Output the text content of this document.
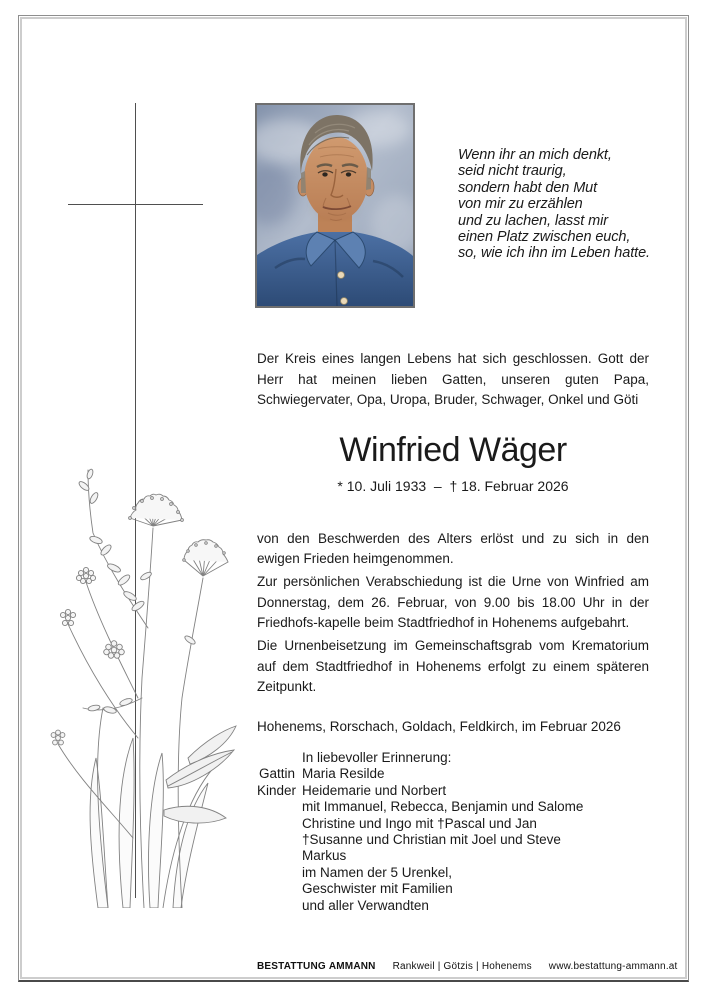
Wenn ihr an mich denkt,
seid nicht traurig,
sondern habt den Mut
von mir zu erzählen
und zu lachen, lasst mir
einen Platz zwischen euch,
so, wie ich ihn im Leben hatte.

Der Kreis eines langen Lebens hat sich geschlossen. Gott der Herr hat meinen lieben Gatten, unseren guten Papa, Schwiegervater, Opa, Uropa, Bruder, Schwager, Onkel und Göti

Winfried Wäger
* 10. Juli 1933  –  † 18. Februar 2026

von den Beschwerden des Alters erlöst und zu sich in den ewigen Frieden heimgenommen.

Zur persönlichen Verabschiedung ist die Urne von Winfried am Donnerstag, dem 26. Februar, von 9.00 bis 18.00 Uhr in der Friedhofs-kapelle beim Stadtfriedhof in Hohenems aufgebahrt.

Die Urnenbeisetzung im Gemeinschaftsgrab vom Krematorium auf dem Stadtfriedhof in Hohenems erfolgt zu einem späteren Zeitpunkt.

Hohenems, Rorschach, Goldach, Feldkirch, im Februar 2026
In liebevoller Erinnerung:
Gattin Maria Resilde
Kinder Heidemarie und Norbert
mit Immanuel, Rebecca, Benjamin und Salome
Christine und Ingo mit †Pascal und Jan
†Susanne und Christian mit Joel und Steve
Markus
im Namen der 5 Urenkel,
Geschwister mit Familien
und aller Verwandten
BESTATTUNG AMMANN Rankweil | Götzis | Hohenems www.bestattung-ammann.at
